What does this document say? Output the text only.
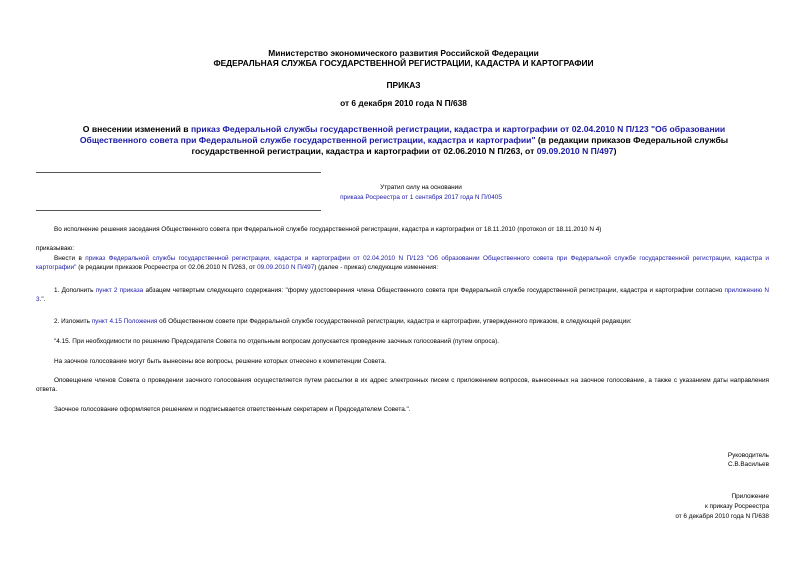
Министерство экономического развития Российской Федерации
ФЕДЕРАЛЬНАЯ СЛУЖБА ГОСУДАРСТВЕННОЙ РЕГИСТРАЦИИ, КАДАСТРА И КАРТОГРАФИИ
ПРИКАЗ
от 6 декабря 2010 года N П/638
О внесении изменений в приказ Федеральной службы государственной регистрации, кадастра и картографии от 02.04.2010 N П/123 "Об образовании Общественного совета при Федеральной службе государственной регистрации, кадастра и картографии" (в редакции приказов Федеральной службы государственной регистрации, кадастра и картографии от 02.06.2010 N П/263, от 09.09.2010 N П/497)
Утратил силу на основании
приказа Росреестра от 1 сентября 2017 года N П/0405
Во исполнение решения заседания Общественного совета при Федеральной службе государственной регистрации, кадастра и картографии от 18.11.2010 (протокол от 18.11.2010 N 4)
приказываю:
Внести в приказ Федеральной службы государственной регистрации, кадастра и картографии от 02.04.2010 N П/123 "Об образовании Общественного совета при Федеральной службе государственной регистрации, кадастра и картографии" (в редакции приказов Росреестра от 02.06.2010 N П/263, от 09.09.2010 N П/497) (далее - приказ) следующие изменения:
1. Дополнить пункт 2 приказа абзацем четвертым следующего содержания: "форму удостоверения члена Общественного совета при Федеральной службе государственной регистрации, кадастра и картографии согласно приложению N 3.".
2. Изложить пункт 4.15 Положения об Общественном совете при Федеральной службе государственной регистрации, кадастра и картографии, утвержденного приказом, в следующей редакции:
"4.15. При необходимости по решению Председателя Совета по отдельным вопросам допускается проведение заочных голосований (путем опроса).
На заочное голосование могут быть вынесены все вопросы, решение которых отнесено к компетенции Совета.
Оповещение членов Совета о проведении заочного голосования осуществляется путем рассылки в их адрес электронных писем с приложением вопросов, вынесенных на заочное голосование, а также с указанием даты направления ответа.
Заочное голосование оформляется решением и подписывается ответственным секретарем и Председателем Совета.".
Руководитель
С.В.Васильев
Приложение
к приказу Росреестра
от 6 декабря 2010 года N П/638
